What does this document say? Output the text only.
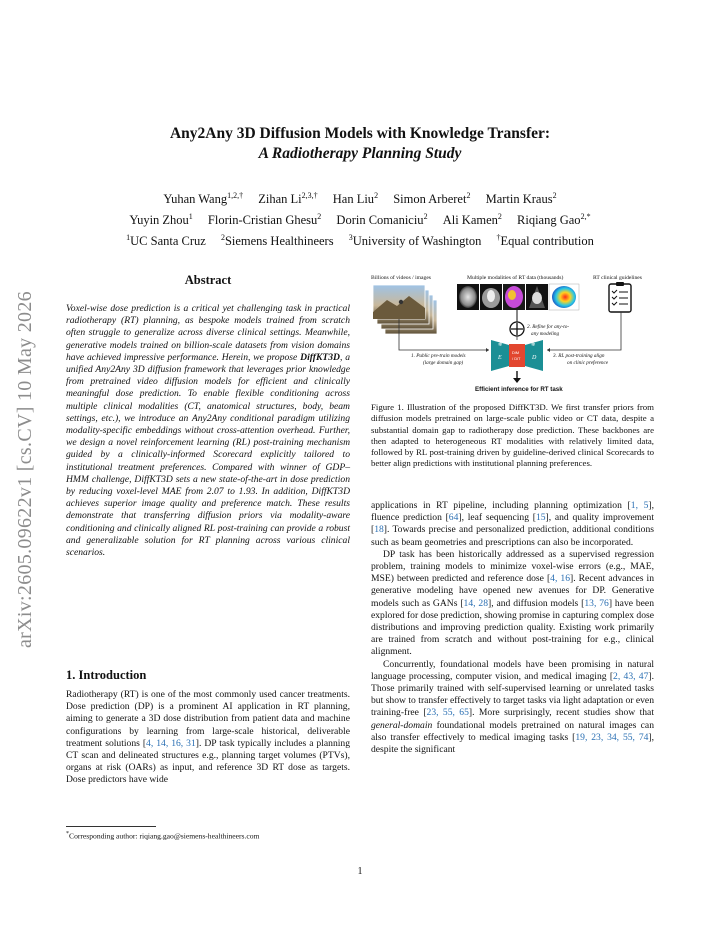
arXiv:2605.09622v1 [cs.CV] 10 May 2026
Any2Any 3D Diffusion Models with Knowledge Transfer:
A Radiotherapy Planning Study
Yuhan Wang$^{1,2,\dagger}$ Zihan $Li^{2,3,\dagger}$ Han Liu$^2$ Simon Arberet$^2$ Martin Kraus$^2$
Yuyin Zhou$^1$ Florin-Cristian Ghesu$^2$ Dorin Comaniciu$^2$ Ali Kamen$^2$ Riqiang Gao$^{2,*}$
$^1$UC Santa Cruz $^2$Siemens Healthineers $^3$University of Washington †Equal contribution
Abstract
Voxel-wise dose prediction is a critical yet challenging task in practical radiotherapy (RT) planning, as bespoke models trained from scratch often struggle to generalize across diverse clinical settings. Meanwhile, generative models trained on billion-scale datasets from vision domains have achieved impressive performance. Herein, we propose DiffKT3D, a unified Any2Any 3D diffusion framework that leverages prior knowledge from pretrained video diffusion models for efficient and clinically meaningful dose prediction. To enable flexible conditioning across multiple clinical modalities (CT, anatomical structures, body, beam settings, etc.), we introduce an Any2Any conditional paradigm utilizing modality-specific embeddings without cross-attention overhead. Further, we design a novel reinforcement learning (RL) post-training mechanism guided by a clinically-informed Scorecard explicitly tailored to institutional treatment preferences. Compared with winner of GDP–HMM challenge, DiffKT3D sets a new state-of-the-art in dose prediction by reducing voxel-level MAE from 2.07 to 1.93. In addition, DiffKT3D achieves superior image quality and preference match. These results demonstrate that transferring diffusion priors via modality-aware conditioning and clinically aligned RL post-training can provide a robust and generalizable solution for RT planning across various clinical scenarios.
1. Introduction
Radiotherapy (RT) is one of the most commonly used cancer treatments. Dose prediction (DP) is a prominent AI application in RT planning, aiming to generate a 3D dose distribution from patient data and machine configurations by learning from large-scale historical, deliverable treatment solutions [4, 14, 16, 31]. DP task typically includes a planning CT scan and delineated structures e.g., planning target volumes (PTVs), organs at risk (OARs) as input, and reference 3D RT dose as targets. Dose predictors have wide
*Corresponding author: riqiang.gao@siemens-healthineers.com
Billions of videos / images	Multiple modalities of RT data (thousands)	RT clinical guidelines
2. Refine for any-to-
any modeling
1. Public pre-train models
(large domain gap)
3. RL post-training align
on clinic preference
E	D
DiM
/ DiT
❄	❄
Efficient inference for RT task
Figure 1. Illustration of the proposed DiffKT3D. We first transfer priors from diffusion models pretrained on large-scale public video or CT data, despite a substantial domain gap to radiotherapy dose prediction. These backbones are then adapted to heterogeneous RT modalities with relatively limited data, followed by RL post-training driven by guideline-derived clinical Scorecards to better align predictions with institutional planning preferences.

applications in RT pipeline, including planning optimization [1, 5], fluence prediction [64], leaf sequencing [15], and quality improvement [18]. Towards precise and personalized prediction, additional conditions such as beam geometries and prescriptions can also be incorporated.

DP task has been historically addressed as a supervised regression problem, training models to minimize voxel-wise errors (e.g., MAE, MSE) between predicted and reference dose [4, 16]. Recent advances in generative modeling have opened new avenues for DP. Generative models such as GANs [14, 28], and diffusion models [13, 76] have been explored for dose prediction, showing promise in capturing complex dose distributions and improving prediction quality. Existing work primarily are trained from scratch and without post-training for e.g., clinical alignment.

Concurrently, foundational models have been promising in natural language processing, computer vision, and medical imaging [2, 43, 47]. Those primarily trained with self-supervised learning or unrelated tasks but show to transfer effectively to target tasks via light adaptation or even training-free [23, 55, 65]. More surprisingly, recent studies show that general-domain foundational models pretrained on natural images can also transfer effectively to medical imaging tasks [19, 23, 34, 55, 74], despite the significant

1
